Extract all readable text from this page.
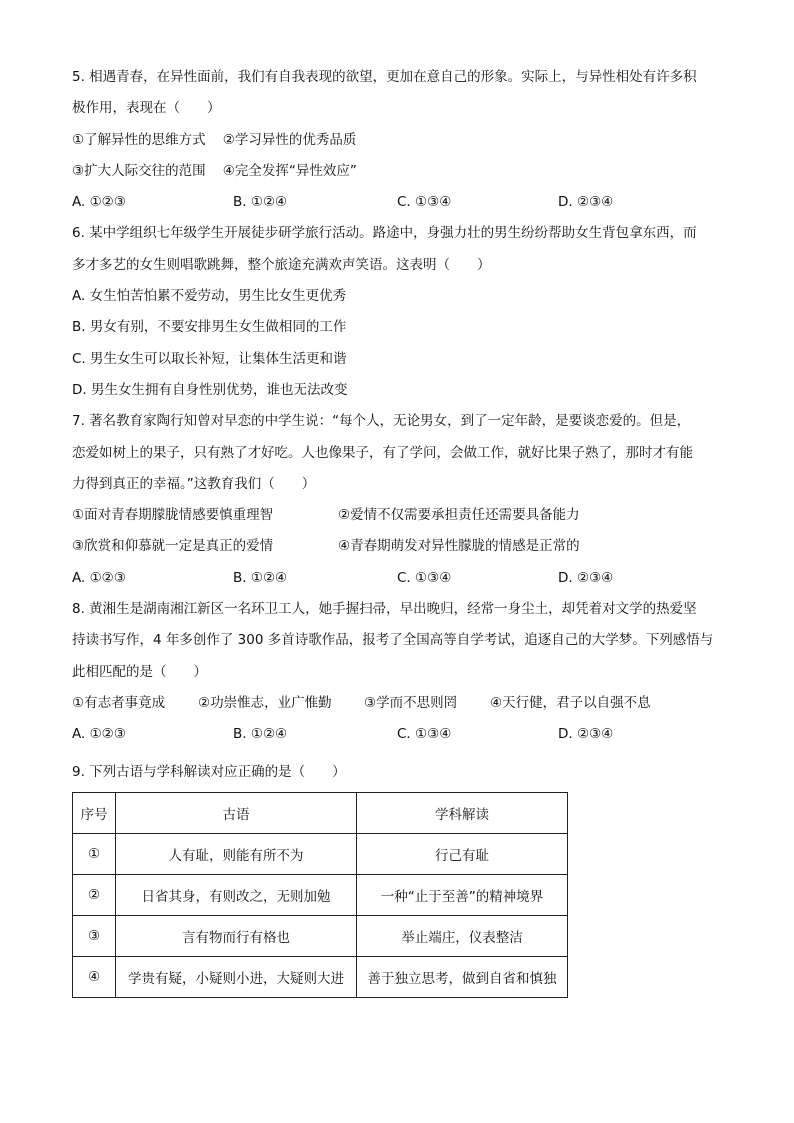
5. 相遇青春，在异性面前，我们有自我表现的欲望，更加在意自己的形象。实际上，与异性相处有许多积
极作用，表现在（　　）
①了解异性的思维方式 ②学习异性的优秀品质
③扩大人际交往的范围 ④完全发挥“异性效应”
A. ①②③	B. ①②④	C. ①③④	D. ②③④
6. 某中学组织七年级学生开展徒步研学旅行活动。路途中，身强力壮的男生纷纷帮助女生背包拿东西，而
多才多艺的女生则唱歌跳舞，整个旅途充满欢声笑语。这表明（　　）
A. 女生怕苦怕累不爱劳动，男生比女生更优秀
B. 男女有别，不要安排男生女生做相同的工作
C. 男生女生可以取长补短，让集体生活更和谐
D. 男生女生拥有自身性别优势，谁也无法改变
7. 著名教育家陶行知曾对早恋的中学生说：“每个人，无论男女，到了一定年龄，是要谈恋爱的。但是，
恋爱如树上的果子，只有熟了才好吃。人也像果子，有了学问，会做工作，就好比果子熟了，那时才有能
力得到真正的幸福。”这教育我们（　　）
①面对青春期朦胧情感要慎重理智	②爱情不仅需要承担责任还需要具备能力
③欣赏和仰慕就一定是真正的爱情	④青春期萌发对异性朦胧的情感是正常的
A. ①②③	B. ①②④	C. ①③④	D. ②③④
8. 黄湘生是湖南湘江新区一名环卫工人，她手握扫帚，早出晚归，经常一身尘土，却凭着对文学的热爱坚
持读书写作，4 年多创作了 300 多首诗歌作品，报考了全国高等自学考试，追逐自己的大学梦。下列感悟与
此相匹配的是（　　）
①有志者事竟成 ②功崇惟志，业广惟勤 ③学而不思则罔 ④天行健，君子以自强不息
A. ①②③	B. ①②④	C. ①③④	D. ②③④
9. 下列古语与学科解读对应正确的是（　　）
序号	古语	学科解读
①	人有耻，则能有所不为	行己有耻
②	日省其身，有则改之，无则加勉	一种“止于至善”的精神境界
③	言有物而行有格也	举止端庄，仪表整洁
④	学贵有疑，小疑则小进，大疑则大进	善于独立思考，做到自省和慎独
